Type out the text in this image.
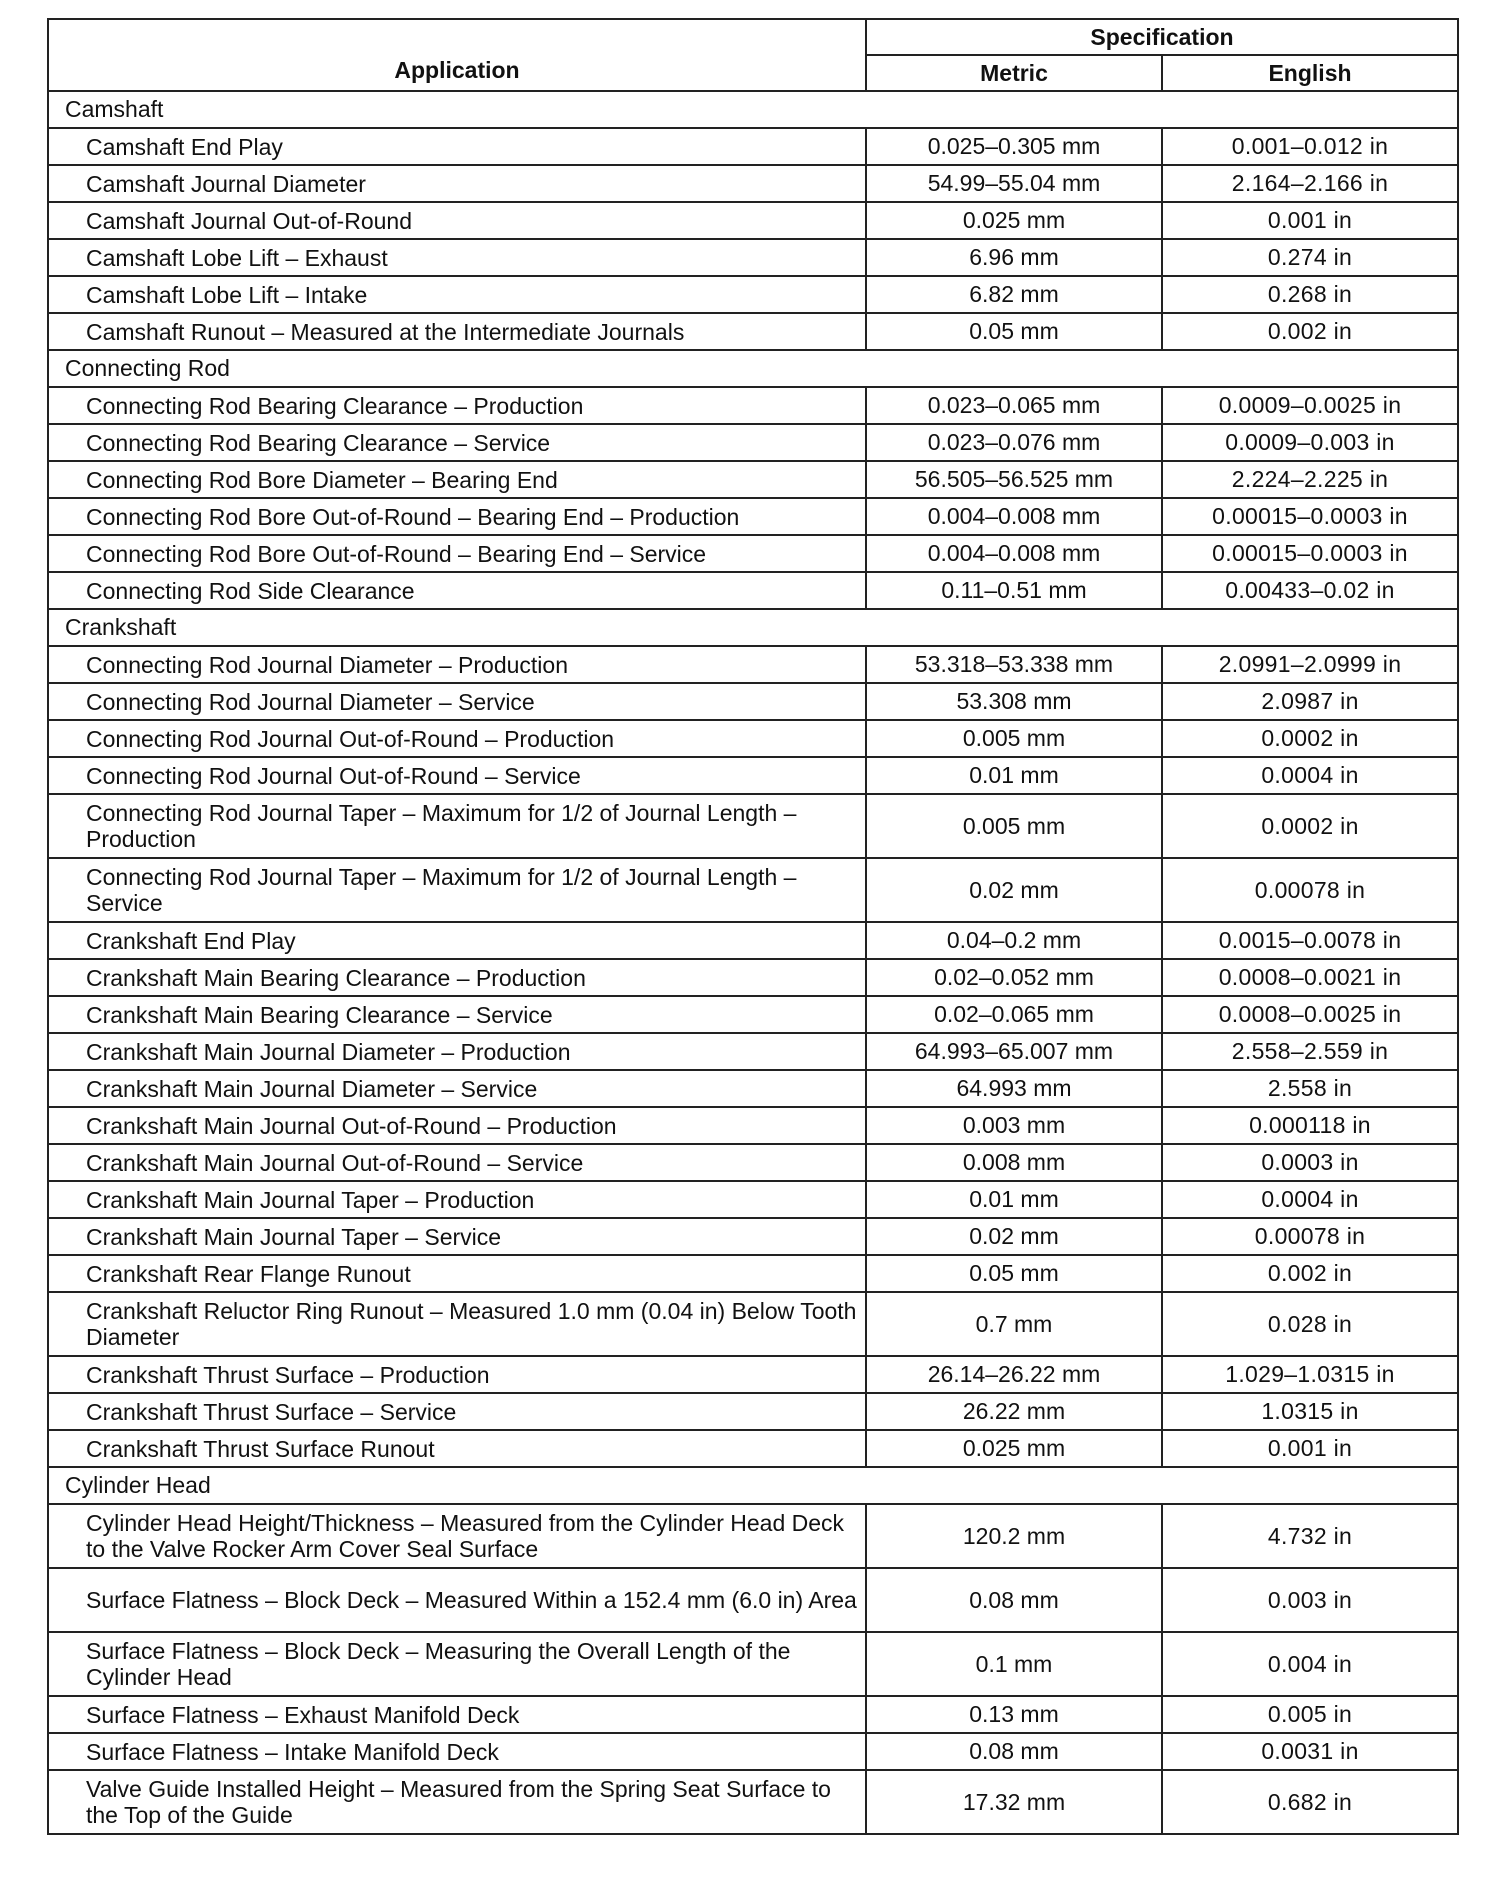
Application	Specification	
	Metric	English
Camshaft		
Camshaft End Play	0.025–0.305 mm	0.001–0.012 in
Camshaft Journal Diameter	54.99–55.04 mm	2.164–2.166 in
Camshaft Journal Out-of-Round	0.025 mm	0.001 in
Camshaft Lobe Lift – Exhaust	6.96 mm	0.274 in
Camshaft Lobe Lift – Intake	6.82 mm	0.268 in
Camshaft Runout – Measured at the Intermediate Journals	0.05 mm	0.002 in
Connecting Rod		
Connecting Rod Bearing Clearance – Production	0.023–0.065 mm	0.0009–0.0025 in
Connecting Rod Bearing Clearance – Service	0.023–0.076 mm	0.0009–0.003 in
Connecting Rod Bore Diameter – Bearing End	56.505–56.525 mm	2.224–2.225 in
Connecting Rod Bore Out-of-Round – Bearing End – Production	0.004–0.008 mm	0.00015–0.0003 in
Connecting Rod Bore Out-of-Round – Bearing End – Service	0.004–0.008 mm	0.00015–0.0003 in
Connecting Rod Side Clearance	0.11–0.51 mm	0.00433–0.02 in
Crankshaft		
Connecting Rod Journal Diameter – Production	53.318–53.338 mm	2.0991–2.0999 in
Connecting Rod Journal Diameter – Service	53.308 mm	2.0987 in
Connecting Rod Journal Out-of-Round – Production	0.005 mm	0.0002 in
Connecting Rod Journal Out-of-Round – Service	0.01 mm	0.0004 in
Connecting Rod Journal Taper – Maximum for 1/2 of Journal Length – Production	0.005 mm	0.0002 in
Connecting Rod Journal Taper – Maximum for 1/2 of Journal Length – Service	0.02 mm	0.00078 in
Crankshaft End Play	0.04–0.2 mm	0.0015–0.0078 in
Crankshaft Main Bearing Clearance – Production	0.02–0.052 mm	0.0008–0.0021 in
Crankshaft Main Bearing Clearance – Service	0.02–0.065 mm	0.0008–0.0025 in
Crankshaft Main Journal Diameter – Production	64.993–65.007 mm	2.558–2.559 in
Crankshaft Main Journal Diameter – Service	64.993 mm	2.558 in
Crankshaft Main Journal Out-of-Round – Production	0.003 mm	0.000118 in
Crankshaft Main Journal Out-of-Round – Service	0.008 mm	0.0003 in
Crankshaft Main Journal Taper – Production	0.01 mm	0.0004 in
Crankshaft Main Journal Taper – Service	0.02 mm	0.00078 in
Crankshaft Rear Flange Runout	0.05 mm	0.002 in
Crankshaft Reluctor Ring Runout – Measured 1.0 mm (0.04 in) Below Tooth Diameter	0.7 mm	0.028 in
Crankshaft Thrust Surface – Production	26.14–26.22 mm	1.029–1.0315 in
Crankshaft Thrust Surface – Service	26.22 mm	1.0315 in
Crankshaft Thrust Surface Runout	0.025 mm	0.001 in
Cylinder Head		
Cylinder Head Height/Thickness – Measured from the Cylinder Head Deck to the Valve Rocker Arm Cover Seal Surface	120.2 mm	4.732 in
Surface Flatness – Block Deck – Measured Within a 152.4 mm (6.0 in) Area	0.08 mm	0.003 in
Surface Flatness – Block Deck – Measuring the Overall Length of the Cylinder Head	0.1 mm	0.004 in
Surface Flatness – Exhaust Manifold Deck	0.13 mm	0.005 in
Surface Flatness – Intake Manifold Deck	0.08 mm	0.0031 in
Valve Guide Installed Height – Measured from the Spring Seat Surface to the Top of the Guide	17.32 mm	0.682 in
